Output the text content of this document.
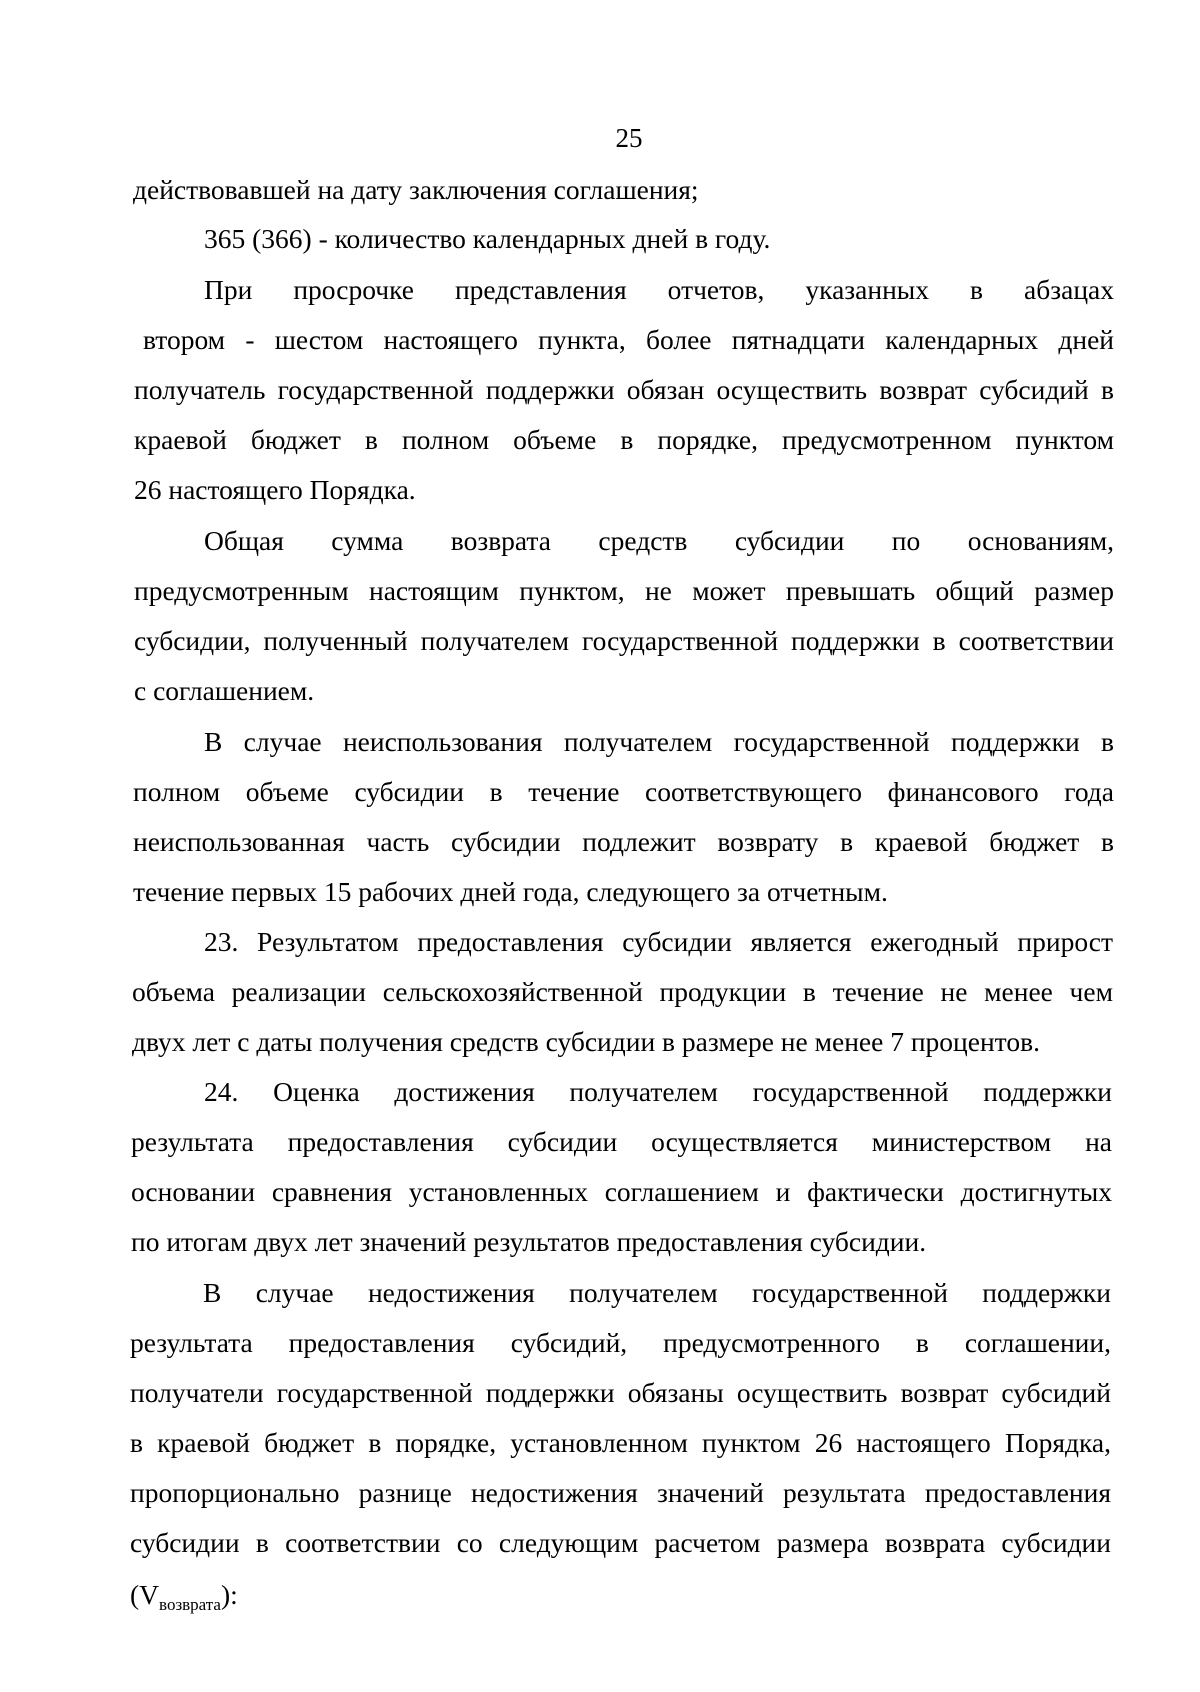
25
действовавшей на дату заключения соглашения;
365 (366) - количество календарных дней в году.
При просрочке представления отчетов, указанных в абзацах
втором - шестом настоящего пункта, более пятнадцати календарных дней
получатель государственной поддержки обязан осуществить возврат субсидий в
краевой бюджет в полном объеме в порядке, предусмотренном пунктом
26 настоящего Порядка.
Общая сумма возврата средств субсидии по основаниям,
предусмотренным настоящим пунктом, не может превышать общий размер
субсидии, полученный получателем государственной поддержки в соответствии
с соглашением.
В случае неиспользования получателем государственной поддержки в
полном объеме субсидии в течение соответствующего финансового года
неиспользованная часть субсидии подлежит возврату в краевой бюджет в
течение первых 15 рабочих дней года, следующего за отчетным.
23. Результатом предоставления субсидии является ежегодный прирост
объема реализации сельскохозяйственной продукции в течение не менее чем
двух лет с даты получения средств субсидии в размере не менее 7 процентов.
24. Оценка достижения получателем государственной поддержки
результата предоставления субсидии осуществляется министерством на
основании сравнения установленных соглашением и фактически достигнутых
по итогам двух лет значений результатов предоставления субсидии.
В случае недостижения получателем государственной поддержки
результата предоставления субсидий, предусмотренного в соглашении,
получатели государственной поддержки обязаны осуществить возврат субсидий
в краевой бюджет в порядке, установленном пунктом 26 настоящего Порядка,
пропорционально разнице недостижения значений результата предоставления
субсидии в соответствии со следующим расчетом размера возврата субсидии
$(V_{возврата})$:
